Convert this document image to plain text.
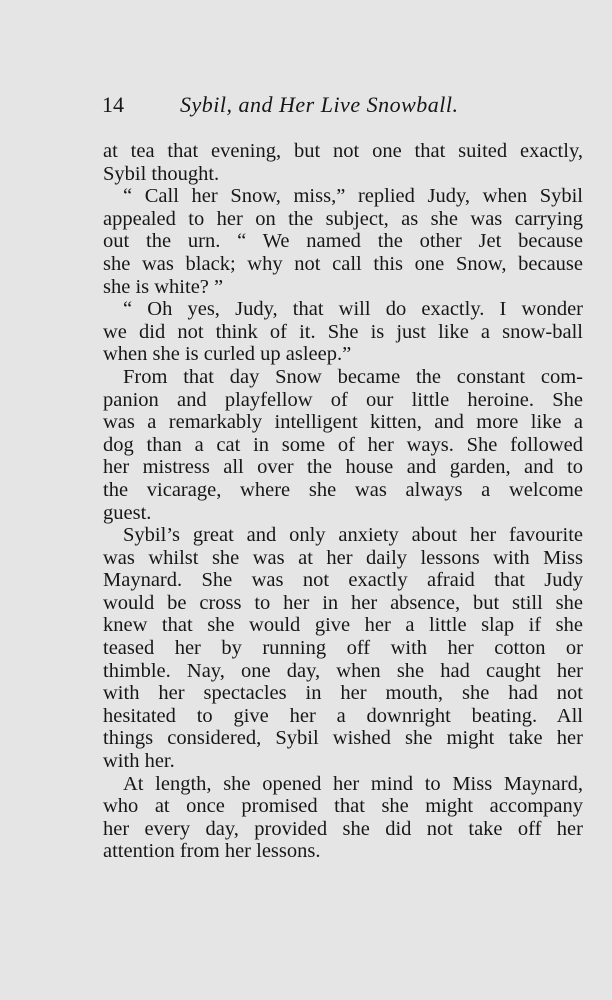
14	Sybil, and Her Live Snowball.
at tea that evening, but not one that suited exactly,
Sybil thought.
“ Call her Snow, miss,” replied Judy, when Sybil
appealed to her on the subject, as she was carrying
out the urn. “ We named the other Jet because
she was black; why not call this one Snow, because
she is white? ”
“ Oh yes, Judy, that will do exactly. I wonder
we did not think of it. She is just like a snow-ball
when she is curled up asleep.”
From that day Snow became the constant com-
panion and playfellow of our little heroine. She
was a remarkably intelligent kitten, and more like a
dog than a cat in some of her ways. She followed
her mistress all over the house and garden, and to
the vicarage, where she was always a welcome
guest.
Sybil’s great and only anxiety about her favourite
was whilst she was at her daily lessons with Miss
Maynard. She was not exactly afraid that Judy
would be cross to her in her absence, but still she
knew that she would give her a little slap if she
teased her by running off with her cotton or
thimble. Nay, one day, when she had caught her
with her spectacles in her mouth, she had not
hesitated to give her a downright beating. All
things considered, Sybil wished she might take her
with her.
At length, she opened her mind to Miss Maynard,
who at once promised that she might accompany
her every day, provided she did not take off her
attention from her lessons.
